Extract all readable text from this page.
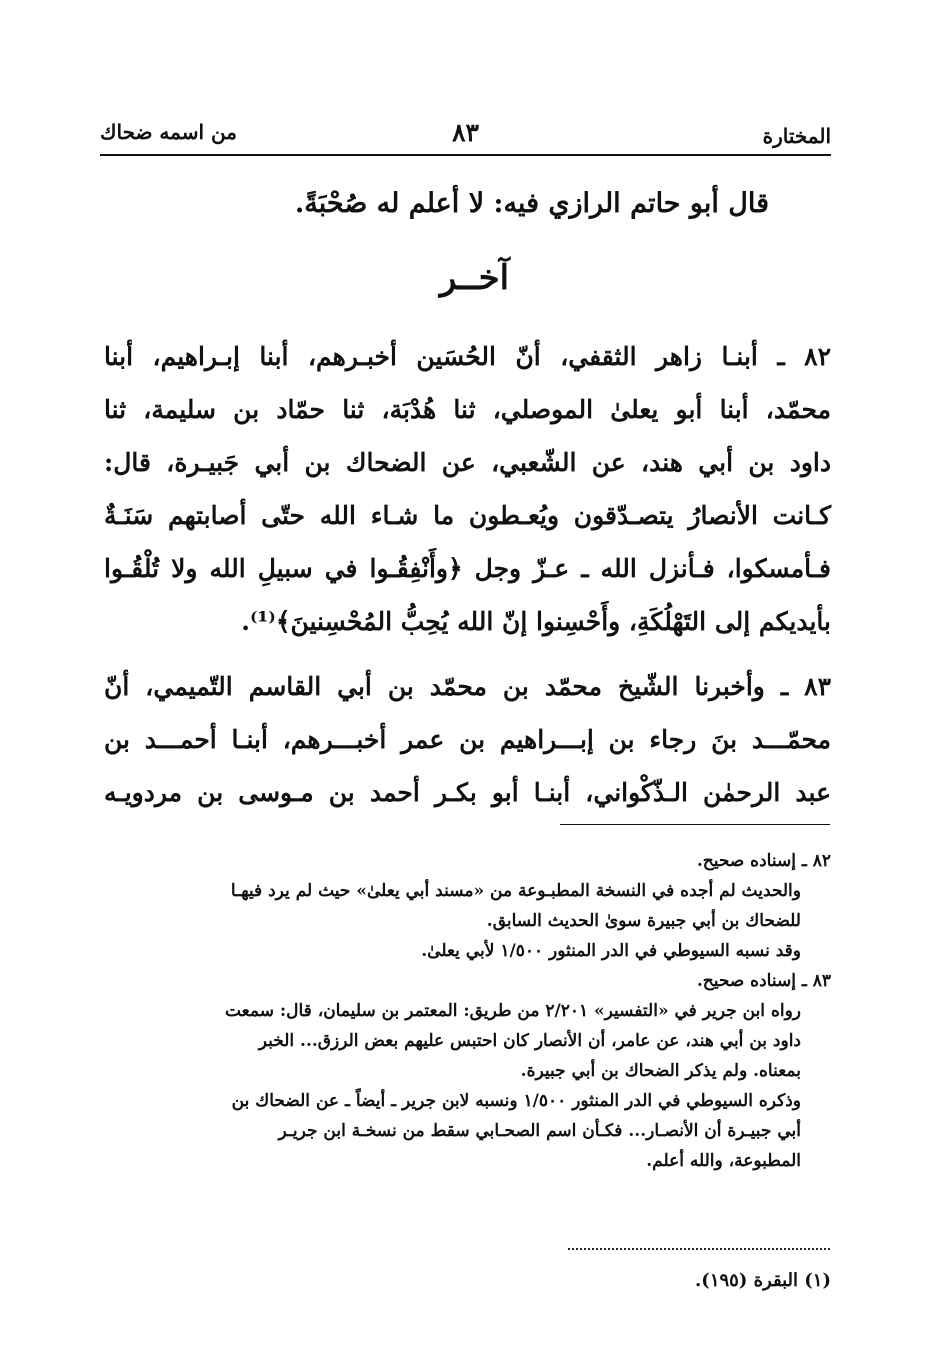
المختارة
٨٣
من اسمه ضحاك
قال أبو حاتم الرازي فيه: لا أعلم له صُحْبَةً.
آخــر
٨٢ ـ أبنـا زاهر الثقفي، أنّ الحُسَين أخبـرهم، أبنا إبـراهيم، أبنا
محمّد، أبنا أبو يعلىٰ الموصلي، ثنا هُدْبَة، ثنا حمّاد بن سليمة، ثنا
داود بن أبي هند، عن الشّعبي، عن الضحاك بن أبي جَبيـرة، قال:
كـانت الأنصارُ يتصـدّقون ويُعـطون ما شـاء الله حتّى أصابتهم سَنَـةٌ
فـأمسكوا، فـأنزل الله ـ عـزّ وجل ﴿وأَنْفِقُـوا في سبيلِ الله ولا تُلْقُـوا
بأيديكم إلى التَهْلُكَةِ، وأَحْسِنوا إنّ الله يُحِبُّ المُحْسِنينَ﴾⁽¹⁾.
٨٣ ـ وأخبرنا الشّيخ محمّد بن محمّد بن أبي القاسم التّميمي، أنّ
محمّـــد بنَ رجاء بن إبـــراهيم بن عمر أخبـــرهم، أبنـا أحمـــد بن
عبد الرحمٰن الـذّكْواني، أبنـا أبو بكـر أحمد بن مـوسى بن مردويـه
٨٢ ـ إسناده صحيح.
والحديث لم أجده في النسخة المطبـوعة من «مسند أبي يعلىٰ» حيث لم يرد فيهـا
للضحاك بن أبي جبيرة سوىٰ الحديث السابق.
وقد نسبه السيوطي في الدر المنثور ١/٥٠٠ لأبي يعلىٰ.
٨٣ ـ إسناده صحيح.
رواه ابن جرير في «التفسير» ٢/٢٠١ من طريق: المعتمر بن سليمان، قال: سمعت
داود بن أبي هند، عن عامر، أن الأنصار كان احتبس عليهم بعض الرزق... الخبر
بمعناه. ولم يذكر الضحاك بن أبي جبيرة.
وذكره السيوطي في الدر المنثور ١/٥٠٠ ونسبه لابن جرير ـ أيضاً ـ عن الضحاك بن
أبي جبيـرة أن الأنصـار... فكـأن اسم الصحـابي سقط من نسخـة ابن جريـر
المطبوعة، والله أعلم.
(١) البقرة (١٩٥).
